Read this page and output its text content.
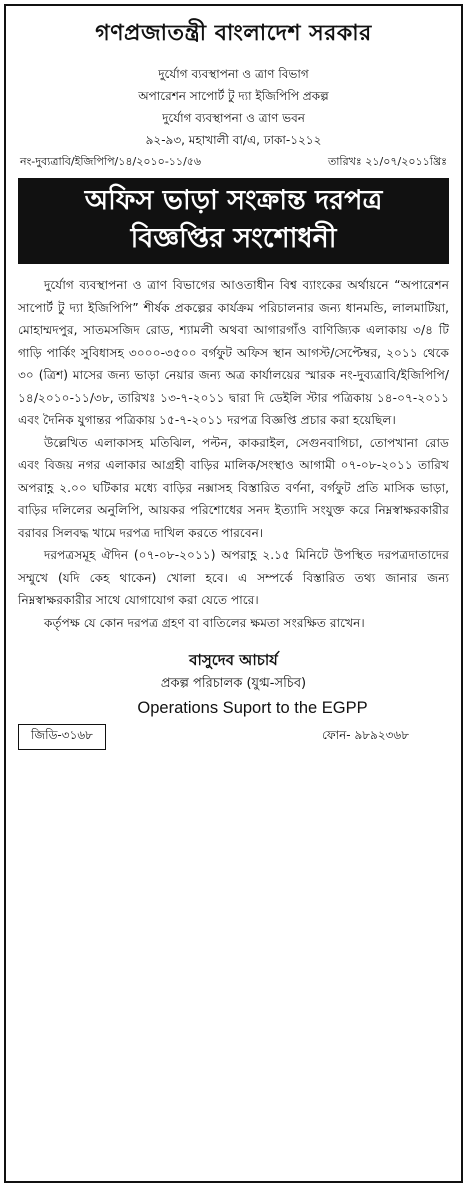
গণপ্রজাতন্ত্রী বাংলাদেশ সরকার
দুর্যোগ ব্যবস্থাপনা ও ত্রাণ বিভাগ
অপারেশন সাপোর্ট টু দ্যা ইজিপিপি প্রকল্প
দুর্যোগ ব্যবস্থাপনা ও ত্রাণ ভবন
৯২-৯৩, মহাখালী বা/এ, ঢাকা-১২১২
নং-দুব্যত্রাবি/ইজিপিপি/১৪/২০১০-১১/৫৬	তারিখঃ ২১/০৭/২০১১খ্রিঃ
অফিস ভাড়া সংক্রান্ত দরপত্র
বিজ্ঞপ্তির সংশোধনী

দুর্যোগ ব্যবস্থাপনা ও ত্রাণ বিভাগের আওতাধীন বিশ্ব ব্যাংকের অর্থায়নে “অপারেশন সাপোর্ট টু দ্যা ইজিপিপি” শীর্ষক প্রকল্পের কার্যক্রম পরিচালনার জন্য ধানমন্ডি, লালমাটিয়া, মোহাম্মদপুর, সাতমসজিদ রোড, শ্যামলী অথবা আগারগাঁও বাণিজ্যিক এলাকায় ৩/৪ টি গাড়ি পার্কিং সুবিধাসহ ৩০০০-৩৫০০ বর্গফুট অফিস স্থান আগস্ট/সেপ্টেম্বর, ২০১১ থেকে ৩০ (ত্রিশ) মাসের জন্য ভাড়া নেয়ার জন্য অত্র কার্যালয়ের স্মারক নং-দুব্যত্রাবি/ইজিপিপি/১৪/২০১০-১১/৩৮, তারিখঃ ১৩-৭-২০১১ দ্বারা দি ডেইলি স্টার পত্রিকায় ১৪-০৭-২০১১ এবং দৈনিক যুগান্তর পত্রিকায় ১৫-৭-২০১১ দরপত্র বিজ্ঞপ্তি প্রচার করা হয়েছিল।

উল্লেখিত এলাকাসহ মতিঝিল, পল্টন, কাকরাইল, সেগুনবাগিচা, তোপখানা রোড এবং বিজয় নগর এলাকার আগ্রহী বাড়ির মালিক/সংস্থাও আগামী ০৭-০৮-২০১১ তারিখ অপরাহ্ণ ২.০০ ঘটিকার মধ্যে বাড়ির নক্সাসহ বিস্তারিত বর্ণনা, বর্গফুট প্রতি মাসিক ভাড়া, বাড়ির দলিলের অনুলিপি, আয়কর পরিশোধের সনদ ইত্যাদি সংযুক্ত করে নিম্নস্বাক্ষরকারীর বরাবর সিলবদ্ধ খামে দরপত্র দাখিল করতে পারবেন।

দরপত্রসমূহ ঐদিন (০৭-০৮-২০১১) অপরাহ্ণ ২.১৫ মিনিটে উপস্থিত দরপত্রদাতাদের সম্মুখে (যদি কেহ থাকেন) খোলা হবে। এ সম্পর্কে বিস্তারিত তথ্য জানার জন্য নিম্নস্বাক্ষরকারীর সাথে যোগাযোগ করা যেতে পারে।

কর্তৃপক্ষ যে কোন দরপত্র গ্রহণ বা বাতিলের ক্ষমতা সংরক্ষিত রাখেন।

বাসুদেব আচার্য
প্রকল্প পরিচালক (যুগ্ম-সচিব)
Operations Suport to the EGPP
জিডি-৩১৬৮	ফোন- ৯৮৯২৩৬৮
